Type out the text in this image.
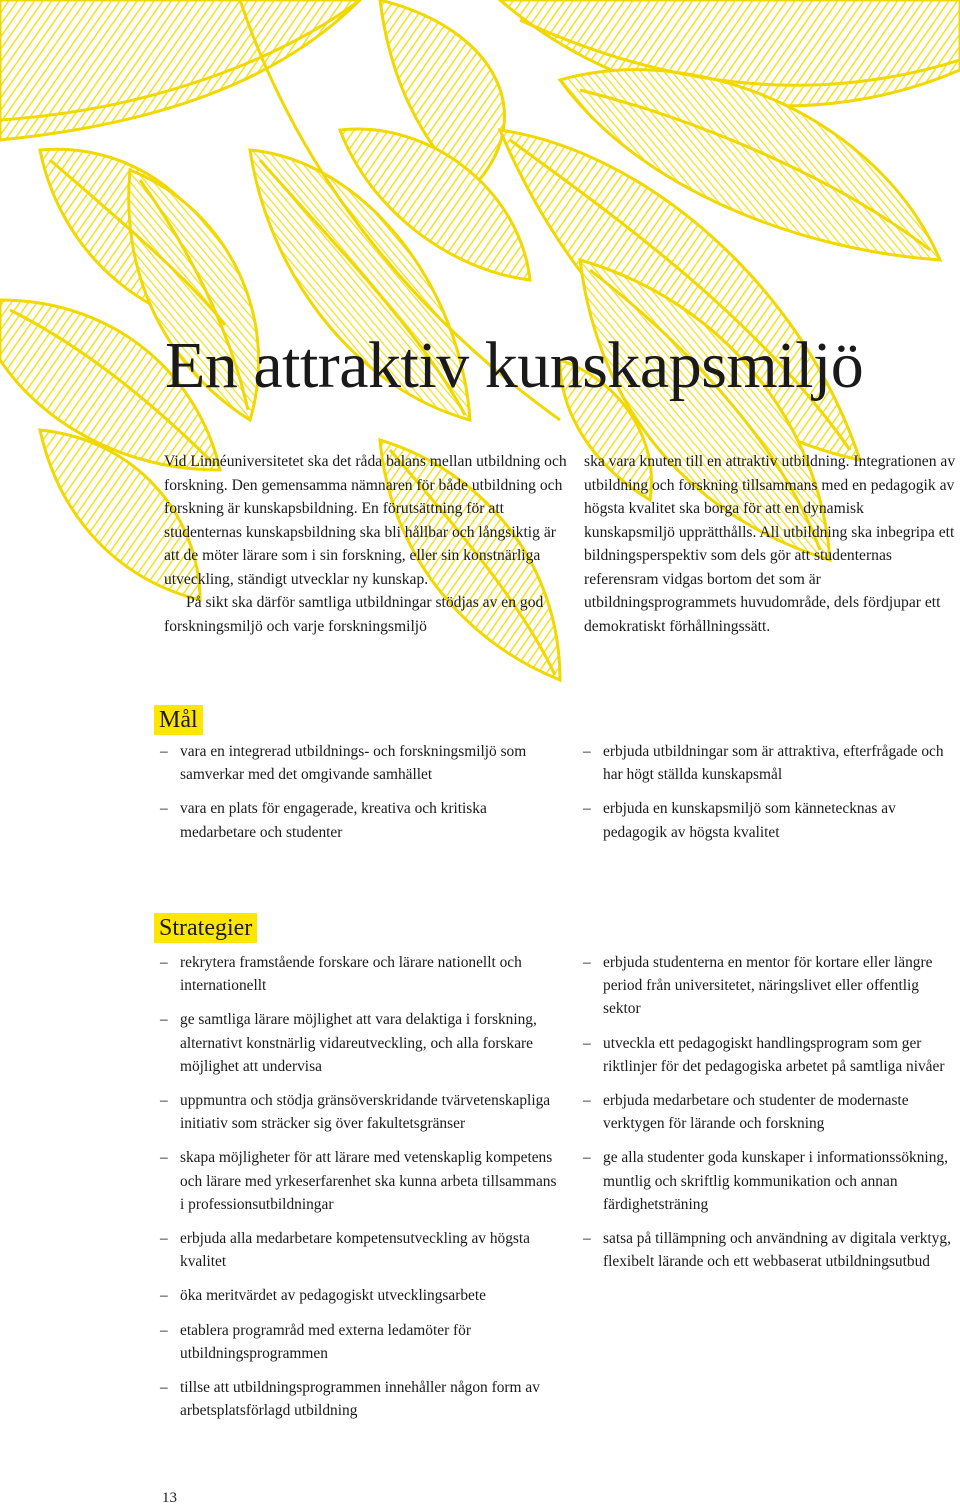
En attraktiv kunskapsmiljö

Vid Linnéuniversitetet ska det råda balans mellan utbildning och forskning. Den gemensamma nämnaren för både utbildning och forskning är kunskapsbildning. En förutsättning för att studenternas kunskapsbildning ska bli hållbar och långsiktig är att de möter lärare som i sin forskning, eller sin konstnärliga utveckling, ständigt utvecklar ny kunskap.

På sikt ska därför samtliga utbildningar stödjas av en god forskningsmiljö och varje forskningsmiljö

ska vara knuten till en attraktiv utbildning. Integrationen av utbildning och forskning tillsammans med en pedagogik av högsta kvalitet ska borga för att en dynamisk kunskapsmiljö upprätthålls. All utbildning ska inbegripa ett bildningsperspektiv som dels gör att studenternas referensram vidgas bortom det som är utbildningsprogrammets huvudområde, dels fördjupar ett demokratiskt förhållningssätt.

Mål
– vara en integrerad utbildnings- och forskningsmiljö som samverkar med det omgivande samhället
– vara en plats för engagerade, kreativa och kritiska medarbetare och studenter
– erbjuda utbildningar som är attraktiva, efterfrågade och har högt ställda kunskapsmål
– erbjuda en kunskapsmiljö som kännetecknas av pedagogik av högsta kvalitet
Strategier
– rekrytera framstående forskare och lärare nationellt och internationellt
– ge samtliga lärare möjlighet att vara delaktiga i forskning, alternativt konstnärlig vidareutveckling, och alla forskare möjlighet att undervisa
– uppmuntra och stödja gränsöverskridande tvärvetenskapliga initiativ som sträcker sig över fakultetsgränser
– skapa möjligheter för att lärare med vetenskaplig kompetens och lärare med yrkeserfarenhet ska kunna arbeta tillsammans i professionsutbildningar
– erbjuda alla medarbetare kompetensutveckling av högsta kvalitet
– öka meritvärdet av pedagogiskt utvecklingsarbete
– etablera programråd med externa ledamöter för utbildningsprogrammen
– tillse att utbildningsprogrammen innehåller någon form av arbetsplatsförlagd utbildning
– erbjuda studenterna en mentor för kortare eller längre period från universitetet, näringslivet eller offentlig sektor
– utveckla ett pedagogiskt handlingsprogram som ger riktlinjer för det pedagogiska arbetet på samtliga nivåer
– erbjuda medarbetare och studenter de modernaste verktygen för lärande och forskning
– ge alla studenter goda kunskaper i informationssökning, muntlig och skriftlig kommunikation och annan färdighetsträning
– satsa på tillämpning och användning av digitala verktyg, flexibelt lärande och ett webbaserat utbildningsutbud
13
